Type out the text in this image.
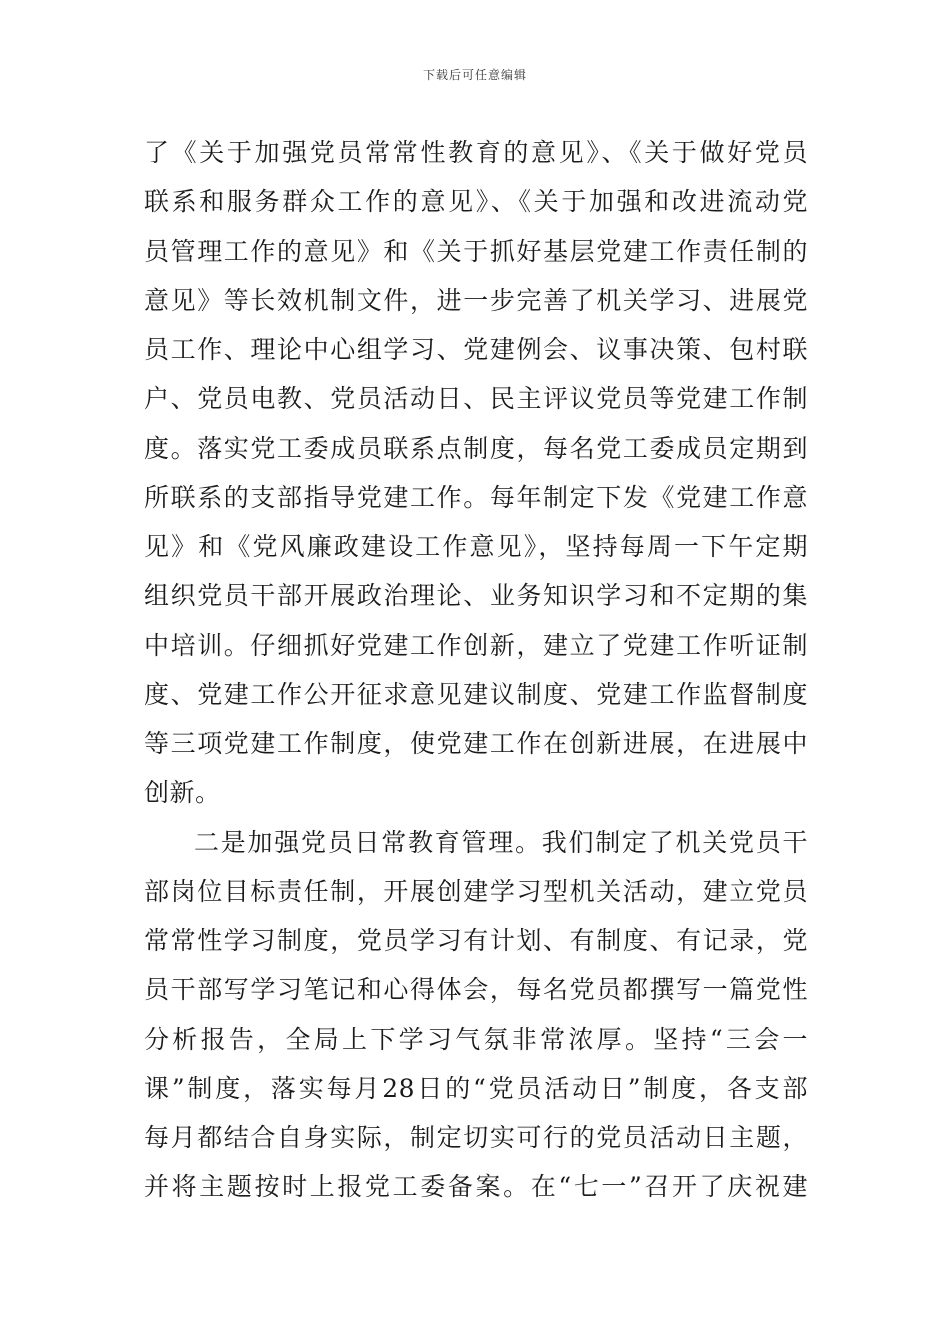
下载后可任意编辑
了《关于加强党员常常性教育的意见》、《关于做好党员
联系和服务群众工作的意见》、《关于加强和改进流动党
员管理工作的意见》和《关于抓好基层党建工作责任制的
意见》等长效机制文件，进一步完善了机关学习、进展党
员工作、理论中心组学习、党建例会、议事决策、包村联
户、党员电教、党员活动日、民主评议党员等党建工作制
度。落实党工委成员联系点制度，每名党工委成员定期到
所联系的支部指导党建工作。每年制定下发《党建工作意
见》和《党风廉政建设工作意见》，坚持每周一下午定期
组织党员干部开展政治理论、业务知识学习和不定期的集
中培训。仔细抓好党建工作创新，建立了党建工作听证制
度、党建工作公开征求意见建议制度、党建工作监督制度
等三项党建工作制度，使党建工作在创新进展，在进展中
创新。
二是加强党员日常教育管理。我们制定了机关党员干
部岗位目标责任制，开展创建学习型机关活动，建立党员
常常性学习制度，党员学习有计划、有制度、有记录，党
员干部写学习笔记和心得体会，每名党员都撰写一篇党性
分析报告，全局上下学习气氛非常浓厚。坚持“三会一
课”制度，落实每月28日的“党员活动日”制度，各支部
每月都结合自身实际，制定切实可行的党员活动日主题，
并将主题按时上报党工委备案。在“七一”召开了庆祝建
